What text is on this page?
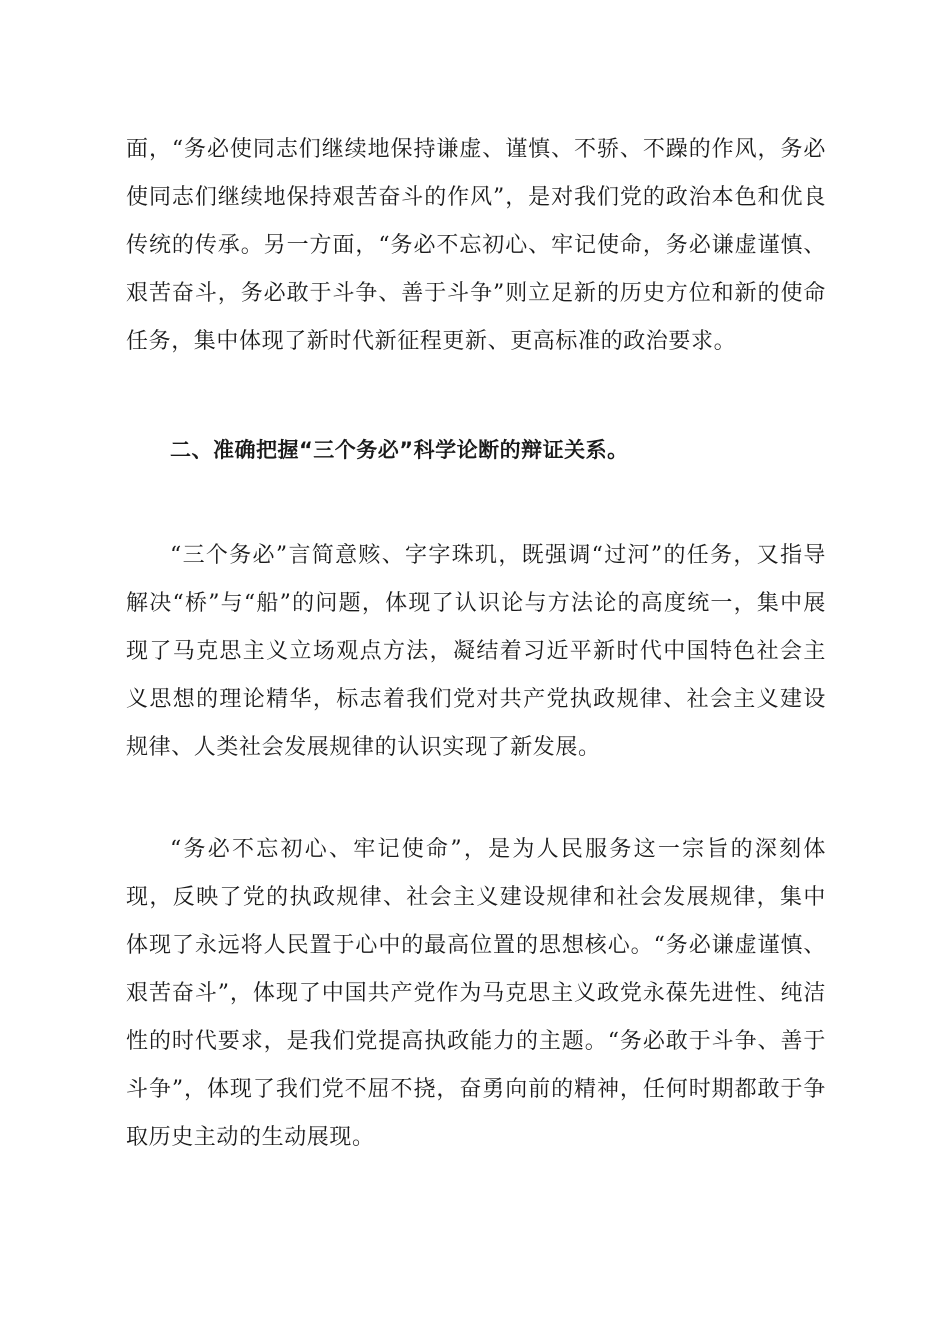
面，“务必使同志们继续地保持谦虚、谨慎、不骄、不躁的作风，务必使同志们继续地保持艰苦奋斗的作风”，是对我们党的政治本色和优良传统的传承。另一方面，“务必不忘初心、牢记使命，务必谦虚谨慎、艰苦奋斗，务必敢于斗争、善于斗争”则立足新的历史方位和新的使命任务，集中体现了新时代新征程更新、更高标准的政治要求。

二、准确把握“三个务必”科学论断的辩证关系。

“三个务必”言简意赅、字字珠玑，既强调“过河”的任务，又指导解决“桥”与“船”的问题，体现了认识论与方法论的高度统一，集中展现了马克思主义立场观点方法，凝结着习近平新时代中国特色社会主义思想的理论精华，标志着我们党对共产党执政规律、社会主义建设规律、人类社会发展规律的认识实现了新发展。

“务必不忘初心、牢记使命”，是为人民服务这一宗旨的深刻体现，反映了党的执政规律、社会主义建设规律和社会发展规律，集中体现了永远将人民置于心中的最高位置的思想核心。“务必谦虚谨慎、艰苦奋斗”，体现了中国共产党作为马克思主义政党永葆先进性、纯洁性的时代要求，是我们党提高执政能力的主题。“务必敢于斗争、善于斗争”，体现了我们党不屈不挠，奋勇向前的精神，任何时期都敢于争取历史主动的生动展现。
